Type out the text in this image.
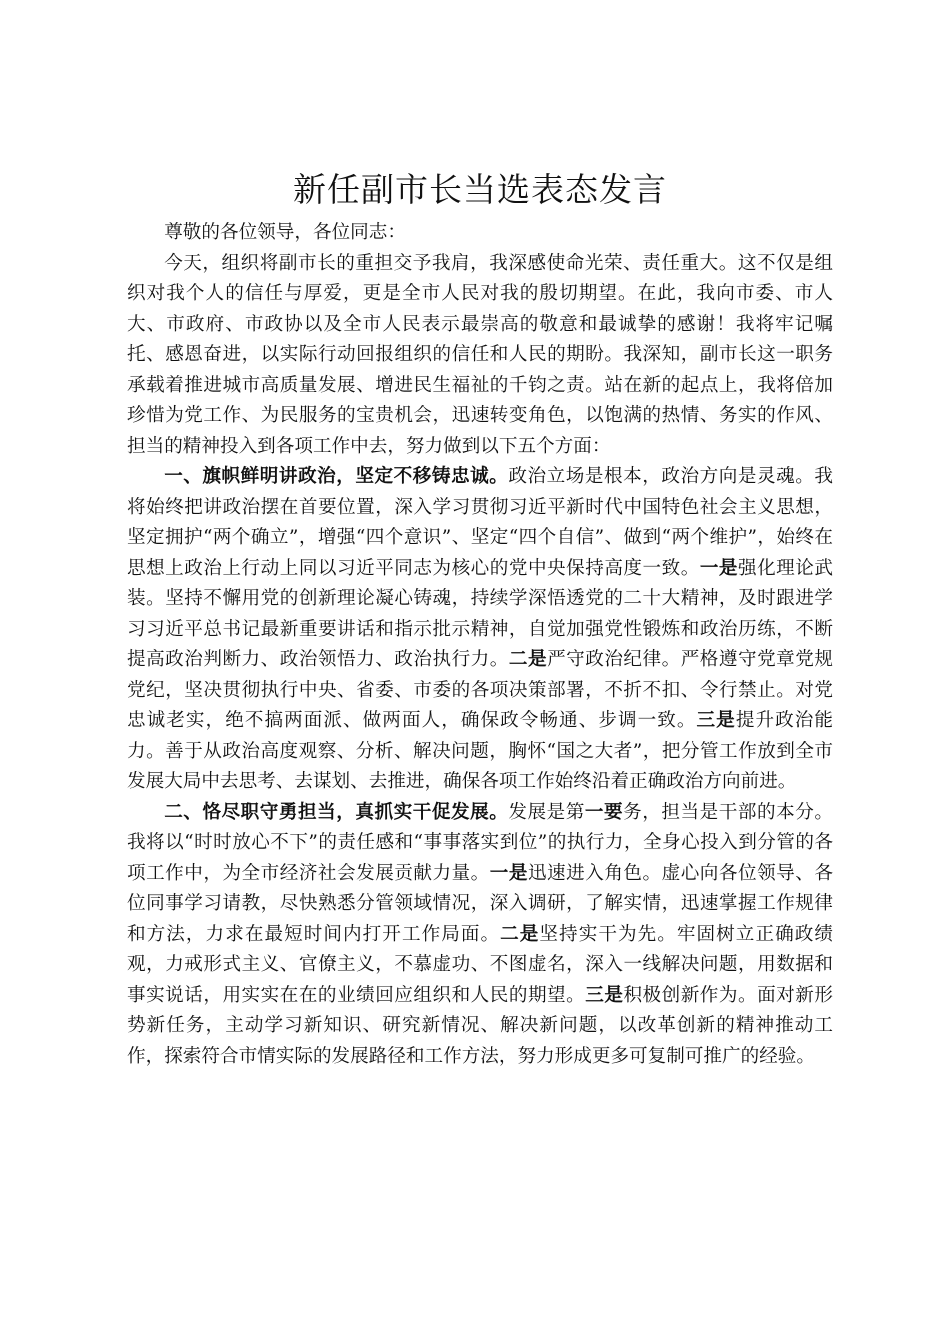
新任副市长当选表态发言

尊敬的各位领导，各位同志：

今天，组织将副市长的重担交予我肩，我深感使命光荣、责任重大。这不仅是组织对我个人的信任与厚爱，更是全市人民对我的殷切期望。在此，我向市委、市人大、市政府、市政协以及全市人民表示最崇高的敬意和最诚挚的感谢！我将牢记嘱托、感恩奋进，以实际行动回报组织的信任和人民的期盼。我深知，副市长这一职务承载着推进城市高质量发展、增进民生福祉的千钧之责。站在新的起点上，我将倍加珍惜为党工作、为民服务的宝贵机会，迅速转变角色，以饱满的热情、务实的作风、担当的精神投入到各项工作中去，努力做到以下五个方面：

一、旗帜鲜明讲政治，坚定不移铸忠诚。政治立场是根本，政治方向是灵魂。我将始终把讲政治摆在首要位置，深入学习贯彻习近平新时代中国特色社会主义思想，坚定拥护“两个确立”，增强“四个意识”、坚定“四个自信”、做到“两个维护”，始终在思想上政治上行动上同以习近平同志为核心的党中央保持高度一致。一是强化理论武装。坚持不懈用党的创新理论凝心铸魂，持续学深悟透党的二十大精神，及时跟进学习习近平总书记最新重要讲话和指示批示精神，自觉加强党性锻炼和政治历练，不断提高政治判断力、政治领悟力、政治执行力。二是严守政治纪律。严格遵守党章党规党纪，坚决贯彻执行中央、省委、市委的各项决策部署，不折不扣、令行禁止。对党忠诚老实，绝不搞两面派、做两面人，确保政令畅通、步调一致。三是提升政治能力。善于从政治高度观察、分析、解决问题，胸怀“国之大者”，把分管工作放到全市发展大局中去思考、去谋划、去推进，确保各项工作始终沿着正确政治方向前进。

二、恪尽职守勇担当，真抓实干促发展。发展是第一要务，担当是干部的本分。我将以“时时放心不下”的责任感和“事事落实到位”的执行力，全身心投入到分管的各项工作中，为全市经济社会发展贡献力量。一是迅速进入角色。虚心向各位领导、各位同事学习请教，尽快熟悉分管领域情况，深入调研，了解实情，迅速掌握工作规律和方法，力求在最短时间内打开工作局面。二是坚持实干为先。牢固树立正确政绩观，力戒形式主义、官僚主义，不慕虚功、不图虚名，深入一线解决问题，用数据和事实说话，用实实在在的业绩回应组织和人民的期望。三是积极创新作为。面对新形势新任务，主动学习新知识、研究新情况、解决新问题，以改革创新的精神推动工作，探索符合市情实际的发展路径和工作方法，努力形成更多可复制可推广的经验。
